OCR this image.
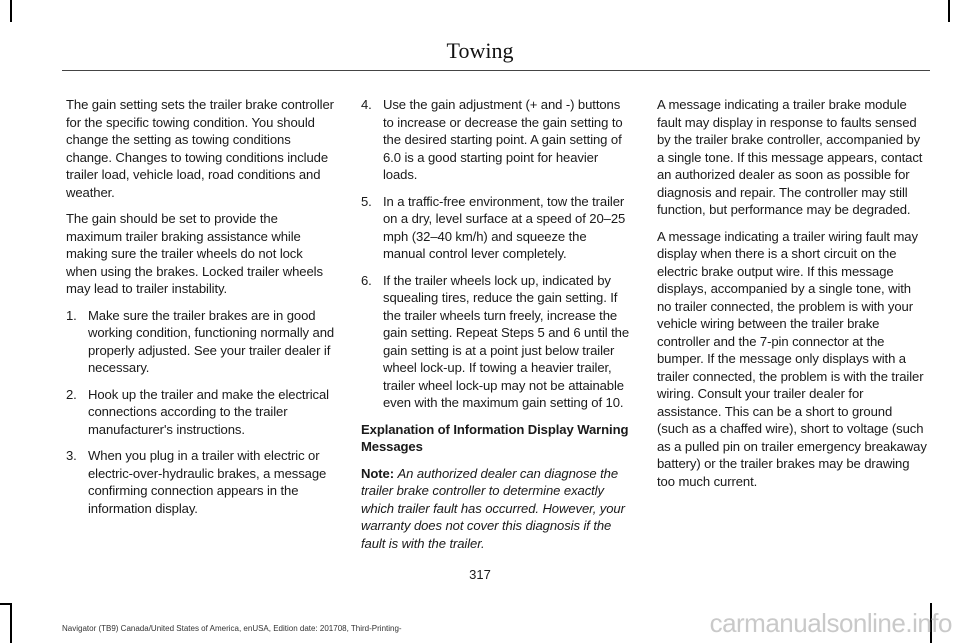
Towing

The gain setting sets the trailer brake controller for the specific towing condition. You should change the setting as towing conditions change. Changes to towing conditions include trailer load, vehicle load, road conditions and weather.

The gain should be set to provide the maximum trailer braking assistance while making sure the trailer wheels do not lock when using the brakes. Locked trailer wheels may lead to trailer instability.

1. Make sure the trailer brakes are in good working condition, functioning normally and properly adjusted. See your trailer dealer if necessary.
2. Hook up the trailer and make the electrical connections according to the trailer manufacturer's instructions.
3. When you plug in a trailer with electric or electric-over-hydraulic brakes, a message confirming connection appears in the information display.
4. Use the gain adjustment (+ and -) buttons to increase or decrease the gain setting to the desired starting point. A gain setting of 6.0 is a good starting point for heavier loads.
5. In a traffic-free environment, tow the trailer on a dry, level surface at a speed of 20–25 mph (32–40 km/h) and squeeze the manual control lever completely.
6. If the trailer wheels lock up, indicated by squealing tires, reduce the gain setting. If the trailer wheels turn freely, increase the gain setting. Repeat Steps 5 and 6 until the gain setting is at a point just below trailer wheel lock-up. If towing a heavier trailer, trailer wheel lock-up may not be attainable even with the maximum gain setting of 10.
Explanation of Information Display Warning Messages

Note: An authorized dealer can diagnose the trailer brake controller to determine exactly which trailer fault has occurred. However, your warranty does not cover this diagnosis if the fault is with the trailer.

A message indicating a trailer brake module fault may display in response to faults sensed by the trailer brake controller, accompanied by a single tone. If this message appears, contact an authorized dealer as soon as possible for diagnosis and repair. The controller may still function, but performance may be degraded.

A message indicating a trailer wiring fault may display when there is a short circuit on the electric brake output wire. If this message displays, accompanied by a single tone, with no trailer connected, the problem is with your vehicle wiring between the trailer brake controller and the 7-pin connector at the bumper. If the message only displays with a trailer connected, the problem is with the trailer wiring. Consult your trailer dealer for assistance. This can be a short to ground (such as a chaffed wire), short to voltage (such as a pulled pin on trailer emergency breakaway battery) or the trailer brakes may be drawing too much current.

317
Navigator (TB9) Canada/United States of America, enUSA, Edition date: 201708, Third-Printing-	carmanualsonline.info
